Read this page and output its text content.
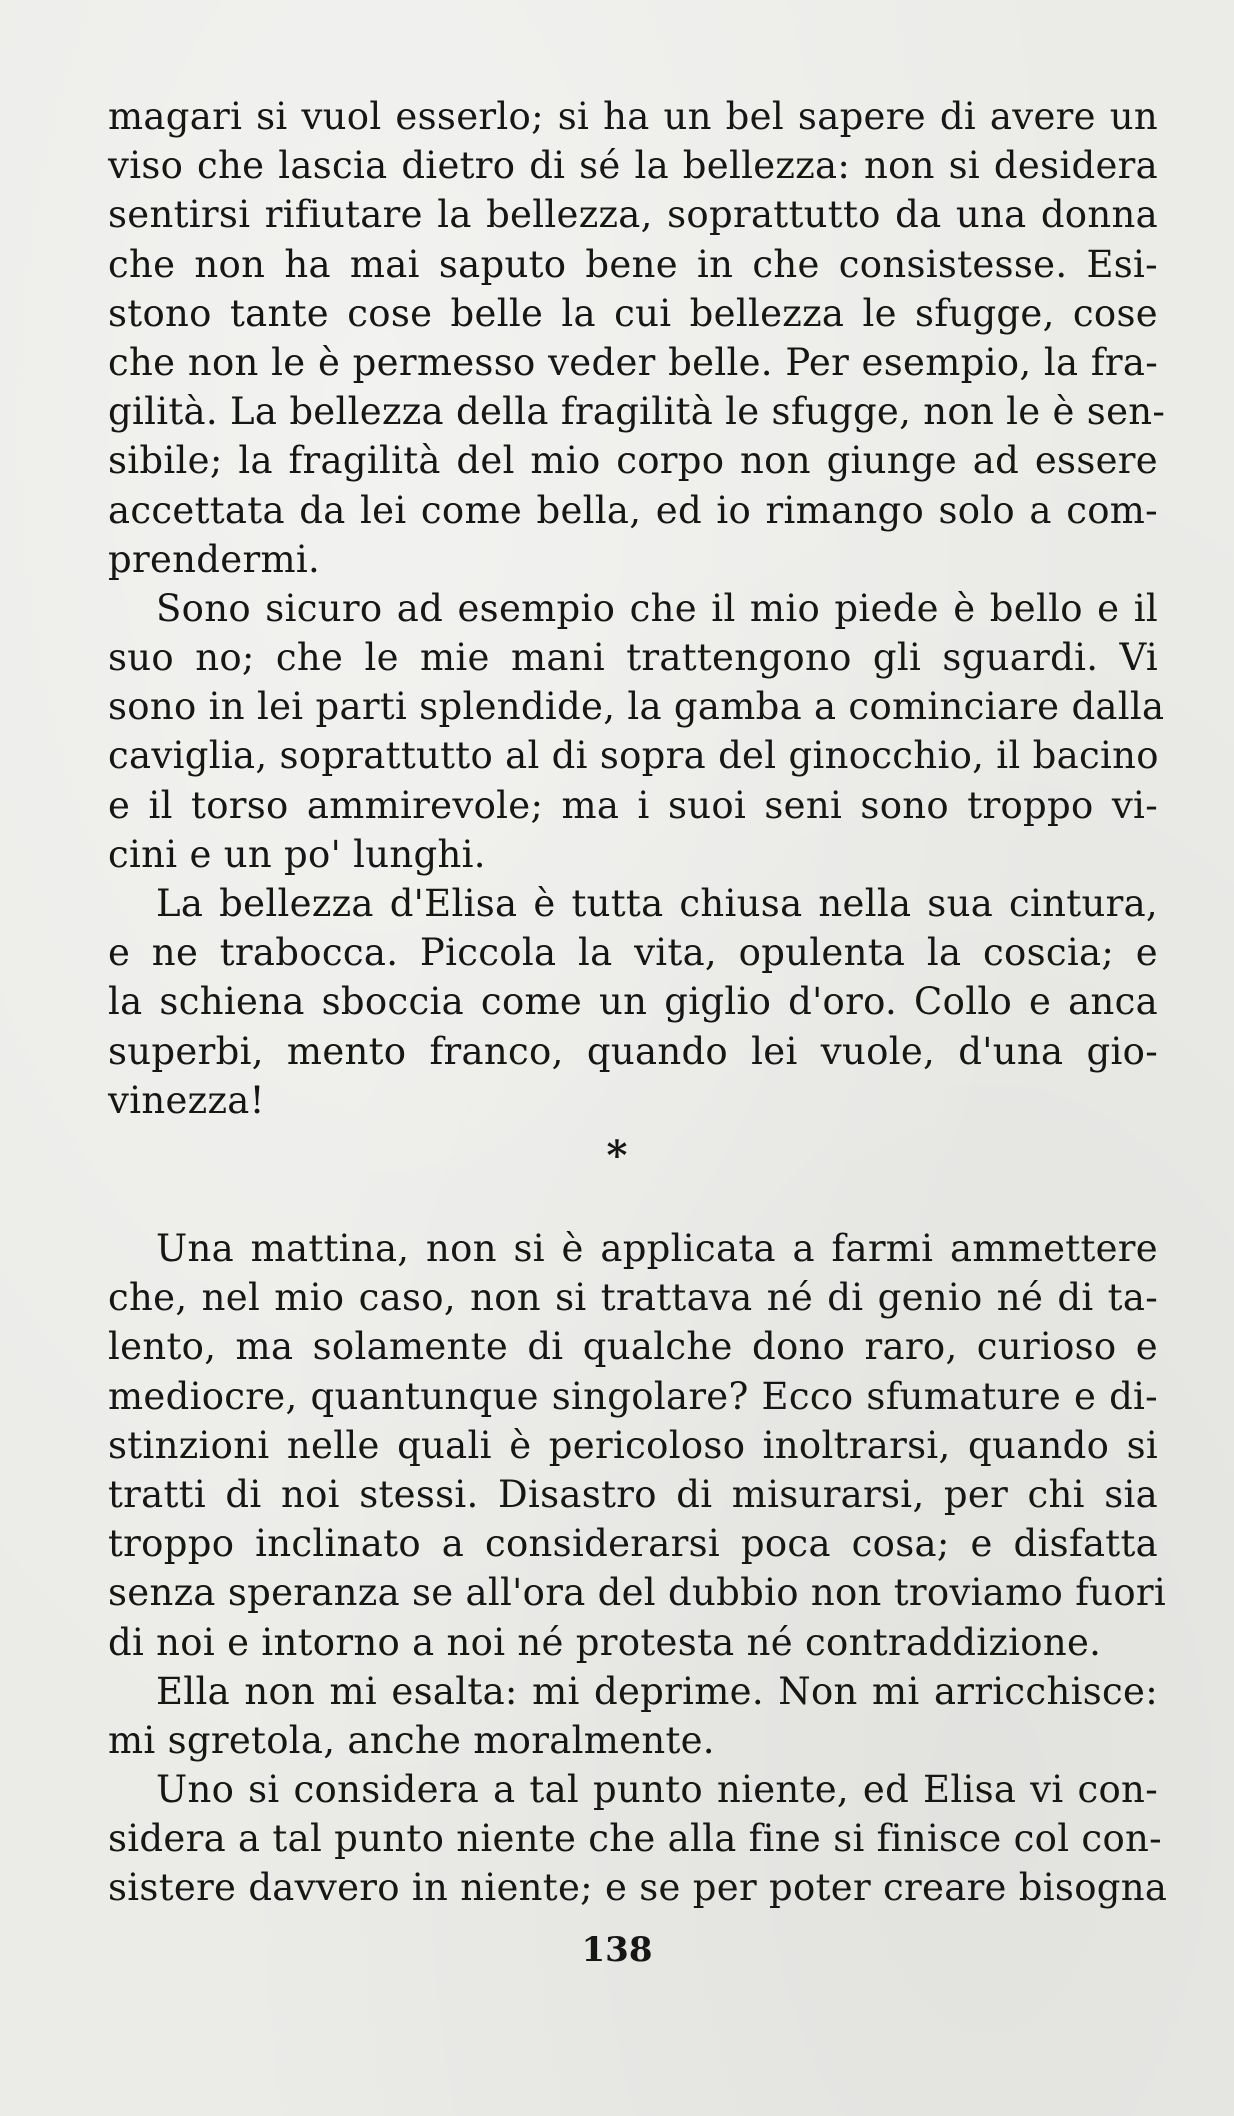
magari si vuol esserlo; si ha un bel sapere di avere un
viso che lascia dietro di sé la bellezza: non si desidera
sentirsi rifiutare la bellezza, soprattutto da una donna
che non ha mai saputo bene in che consistesse. Esi-
stono tante cose belle la cui bellezza le sfugge, cose
che non le è permesso veder belle. Per esempio, la fra-
gilità. La bellezza della fragilità le sfugge, non le è sen-
sibile; la fragilità del mio corpo non giunge ad essere
accettata da lei come bella, ed io rimango solo a com-
prendermi.
Sono sicuro ad esempio che il mio piede è bello e il
suo no; che le mie mani trattengono gli sguardi. Vi
sono in lei parti splendide, la gamba a cominciare dalla
caviglia, soprattutto al di sopra del ginocchio, il bacino
e il torso ammirevole; ma i suoi seni sono troppo vi-
cini e un po' lunghi.
La bellezza d'Elisa è tutta chiusa nella sua cintura,
e ne trabocca. Piccola la vita, opulenta la coscia; e
la schiena sboccia come un giglio d'oro. Collo e anca
superbi, mento franco, quando lei vuole, d'una gio-
vinezza!
*
Una mattina, non si è applicata a farmi ammettere
che, nel mio caso, non si trattava né di genio né di ta-
lento, ma solamente di qualche dono raro, curioso e
mediocre, quantunque singolare? Ecco sfumature e di-
stinzioni nelle quali è pericoloso inoltrarsi, quando si
tratti di noi stessi. Disastro di misurarsi, per chi sia
troppo inclinato a considerarsi poca cosa; e disfatta
senza speranza se all'ora del dubbio non troviamo fuori
di noi e intorno a noi né protesta né contraddizione.
Ella non mi esalta: mi deprime. Non mi arricchisce:
mi sgretola, anche moralmente.
Uno si considera a tal punto niente, ed Elisa vi con-
sidera a tal punto niente che alla fine si finisce col con-
sistere davvero in niente; e se per poter creare bisogna
138
